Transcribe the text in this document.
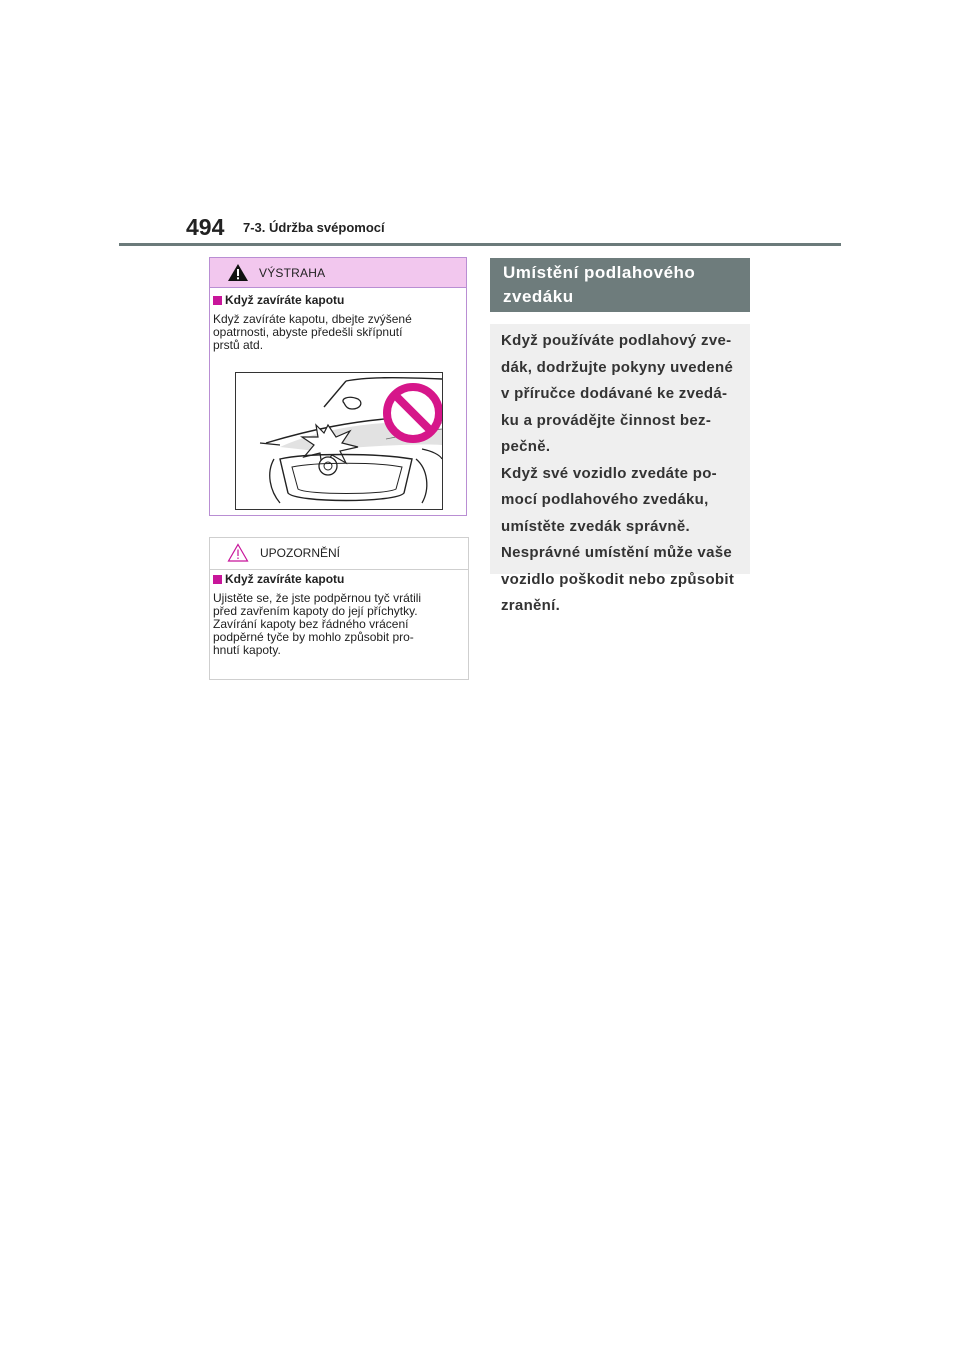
494 7-3. Údržba svépomocí
VÝSTRAHA

Když zavíráte kapotu

Když zavíráte kapotu, dbejte zvýšené
opatrnosti, abyste předešli skřípnutí
prstů atd.

UPOZORNĚNÍ

Když zavíráte kapotu

Ujistěte se, že jste podpěrnou tyč vrátili
před zavřením kapoty do její příchytky.
Zavírání kapoty bez řádného vrácení
podpěrné tyče by mohlo způsobit pro-
hnutí kapoty.

Umístění podlahového
zvedáku

Když používáte podlahový zve-
dák, dodržujte pokyny uvedené
v příručce dodávané ke zvedá-
ku a provádějte činnost bez-
pečně.
Když své vozidlo zvedáte po-
mocí podlahového zvedáku,
umístěte zvedák správně.
Nesprávné umístění může vaše
vozidlo poškodit nebo způsobit
zranění.
